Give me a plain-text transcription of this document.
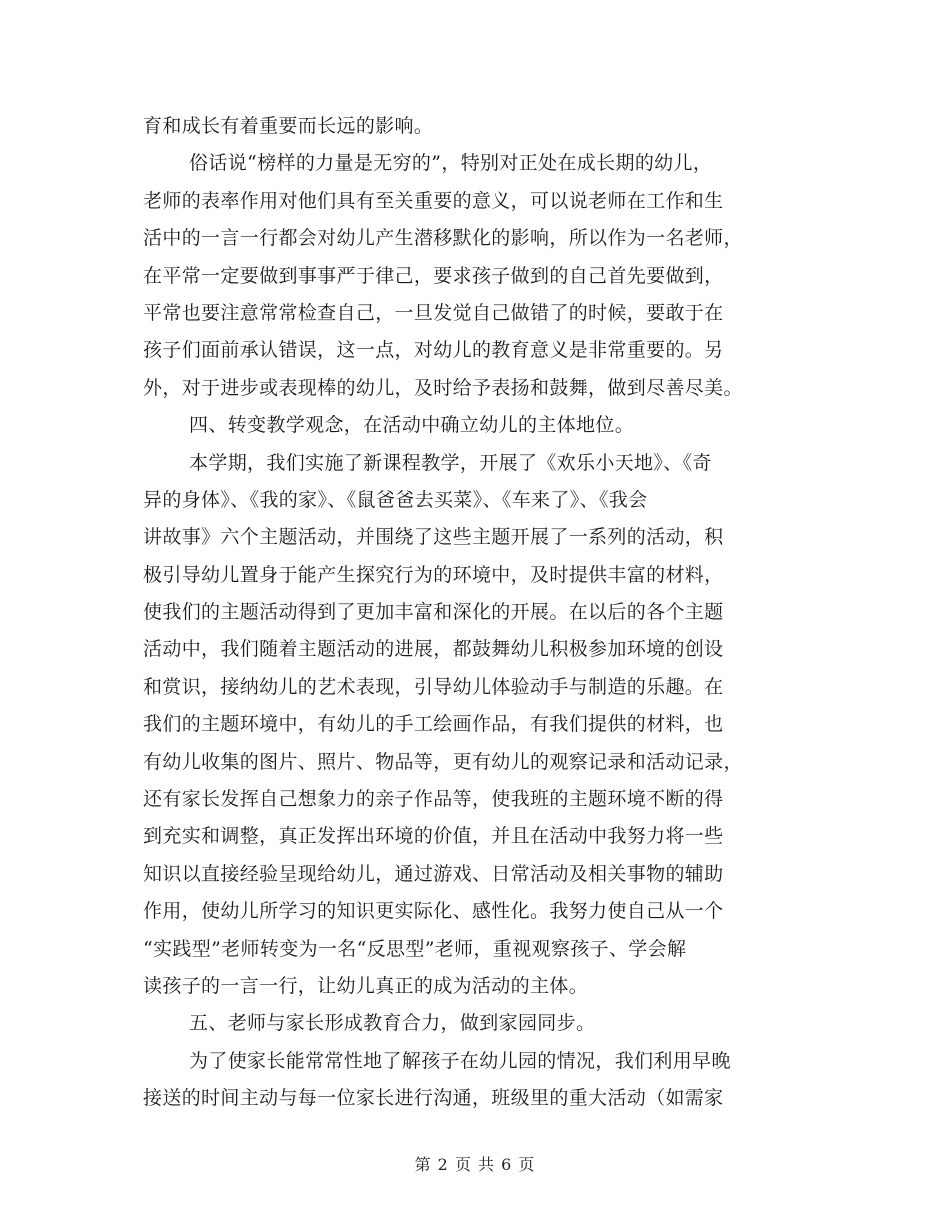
育和成长有着重要而长远的影响。
俗话说“榜样的力量是无穷的”，特别对正处在成长期的幼儿，
老师的表率作用对他们具有至关重要的意义，可以说老师在工作和生
活中的一言一行都会对幼儿产生潜移默化的影响，所以作为一名老师，
在平常一定要做到事事严于律己，要求孩子做到的自己首先要做到，
平常也要注意常常检查自己，一旦发觉自己做错了的时候，要敢于在
孩子们面前承认错误，这一点，对幼儿的教育意义是非常重要的。另
外，对于进步或表现棒的幼儿，及时给予表扬和鼓舞，做到尽善尽美。
四、转变教学观念，在活动中确立幼儿的主体地位。
本学期，我们实施了新课程教学，开展了《欢乐小天地》、《奇
异的身体》、《我的家》、《鼠爸爸去买菜》、《车来了》、《我会
讲故事》六个主题活动，并围绕了这些主题开展了一系列的活动，积
极引导幼儿置身于能产生探究行为的环境中，及时提供丰富的材料，
使我们的主题活动得到了更加丰富和深化的开展。在以后的各个主题
活动中，我们随着主题活动的进展，都鼓舞幼儿积极参加环境的创设
和赏识，接纳幼儿的艺术表现，引导幼儿体验动手与制造的乐趣。在
我们的主题环境中，有幼儿的手工绘画作品，有我们提供的材料，也
有幼儿收集的图片、照片、物品等，更有幼儿的观察记录和活动记录，
还有家长发挥自己想象力的亲子作品等，使我班的主题环境不断的得
到充实和调整，真正发挥出环境的价值，并且在活动中我努力将一些
知识以直接经验呈现给幼儿，通过游戏、日常活动及相关事物的辅助
作用，使幼儿所学习的知识更实际化、感性化。我努力使自己从一个
“实践型”老师转变为一名“反思型”老师，重视观察孩子、学会解
读孩子的一言一行，让幼儿真正的成为活动的主体。
五、老师与家长形成教育合力，做到家园同步。
为了使家长能常常性地了解孩子在幼儿园的情况，我们利用早晚
接送的时间主动与每一位家长进行沟通，班级里的重大活动（如需家
第 2 页 共 6 页
